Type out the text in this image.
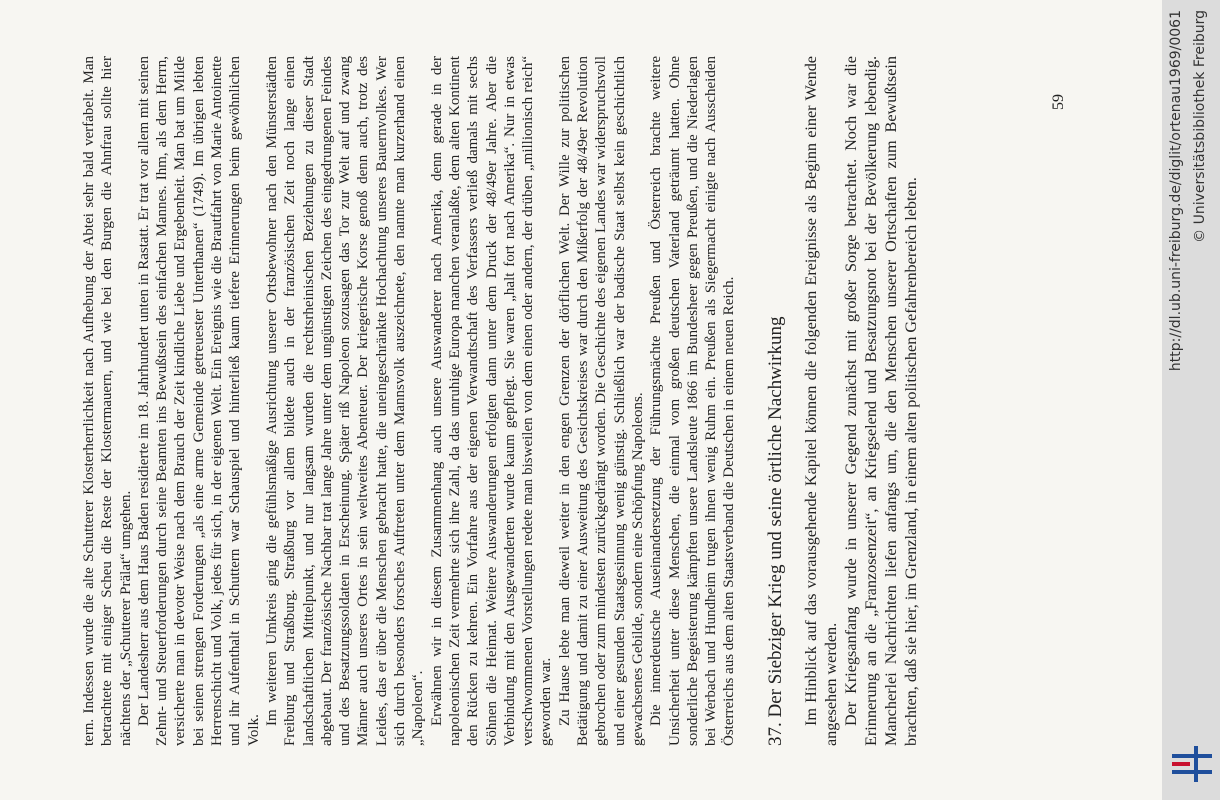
tern. Indessen wurde die alte Schutterer Klosterherrlichkeit nach Aufhebung der Abtei sehr bald verfabelt. Man betrachtete mit einiger Scheu die Reste der Klostermauern, und wie bei den Burgen die Ahnfrau sollte hier nächtens der „Schutterer Prälat“ umgehen. Der Landesherr aus dem Haus Baden residierte im 18. Jahrhundert unten in Rastatt. Er trat vor allem mit seinen Zehnt- und Steuerforderungen durch seine Beamten ins Bewußtsein des einfachen Mannes. Ihm, als dem Herrn, versicherte man in devoter Weise nach dem Brauch der Zeit kindliche Liebe und Ergebenheit. Man bat um Milde bei seinen strengen Forderungen „als eine arme Gemeinde getreuester Unterthanen“ (1749). Im übrigen lebten Herrenschicht und Volk, jedes für sich, in der eigenen Welt. Ein Ereignis wie die Brautfahrt von Marie Antoinette und ihr Aufenthalt in Schuttern war Schauspiel und hinterließ kaum tiefere Erinnerungen beim gewöhnlichen Volk.

Im weiteren Umkreis ging die gefühlsmäßige Ausrichtung unserer Ortsbewohner nach den Münsterstädten Freiburg und Straßburg. Straßburg vor allem bildete auch in der französischen Zeit noch lange einen landschaftlichen Mittelpunkt, und nur langsam wurden die rechtsrheinischen Beziehungen zu dieser Stadt abgebaut. Der französische Nachbar trat lange Jahre unter dem ungünstigen Zeichen des eingedrungenen Feindes und des Besatzungssoldaten in Erscheinung. Später riß Napoleon sozusagen das Tor zur Welt auf und zwang Männer auch unseres Ortes in sein weltweites Abenteuer. Der kriegerische Korse genoß denn auch, trotz des Leides, das er über die Menschen gebracht hatte, die uneingeschränkte Hochachtung unseres Bauernvolkes. Wer sich durch besonders forsches Auftreten unter dem Mannsvolk auszeichnete, den nannte man kurzerhand einen „Napoleon“. Erwähnen wir in diesem Zusammenhang auch unsere Auswanderer nach Amerika, denn gerade in der napoleonischen Zeit vermehrte sich ihre Zahl, da das unruhige Europa manchen veranlaßte, dem alten Kontinent den Rücken zu kehren. Ein Vorfahre aus der eigenen Verwandtschaft des Verfassers verließ damals mit sechs Söhnen die Heimat. Weitere Auswanderungen erfolgten dann unter dem Druck der 48/49er Jahre. Aber die Verbindung mit den Ausgewanderten wurde kaum gepflegt. Sie waren „halt fort nach Amerika“. Nur in etwas verschwommenen Vorstellungen redete man bisweilen von dem einen oder andern, der drüben „millionisch reich“ geworden war. Zu Hause lebte man dieweil weiter in den engen Grenzen der dörflichen Welt. Der Wille zur politischen Betätigung und damit zu einer Ausweitung des Gesichtskreises war durch den Mißerfolg der 48/49er Revolution gebrochen oder zum mindesten zurückgedrängt worden. Die Geschichte des eigenen Landes war widerspruchsvoll und einer gesunden Staatsgesinnung wenig günstig. Schließlich war der badische Staat selbst kein geschichtlich gewachsenes Gebilde, sondern eine Schöpfung Napoleons. Die innerdeutsche Auseinandersetzung der Führungsmächte Preußen und Österreich brachte weitere Unsicherheit unter diese Menschen, die einmal vom großen deutschen Vaterland geträumt hatten. Ohne sonderliche Begeisterung kämpften unsere Landsleute 1866 im Bundesheer gegen Preußen, und die Niederlagen bei Werbach und Hundheim trugen ihnen wenig Ruhm ein. Preußen als Siegermacht einigte nach Ausscheiden Österreichs aus dem alten Staatsverband die Deutschen in einem neuen Reich. 37. Der Siebziger Krieg und seine örtliche Nachwirkung Im Hinblick auf das vorausgehende Kapitel können die folgenden Ereignisse als Beginn einer Wende angesehen werden. Der Kriegsanfang wurde in unserer Gegend zunächst mit großer Sorge betrachtet. Noch war die Erinnerung an die „Franzosenzeit“, an Kriegselend und Besatzungsnot bei der Bevölkerung lebendig. Mancherlei Nachrichten liefen anfangs um, die den Menschen unserer Ortschaften zum Bewußtsein brachten, daß sie hier, im Grenzland, in einem alten politischen Gefahrenbereich lebten.

59	http://dl.ub.uni-freiburg.de/diglit/ortenau1969/0061 © Universitätsbibliothek Freiburg
